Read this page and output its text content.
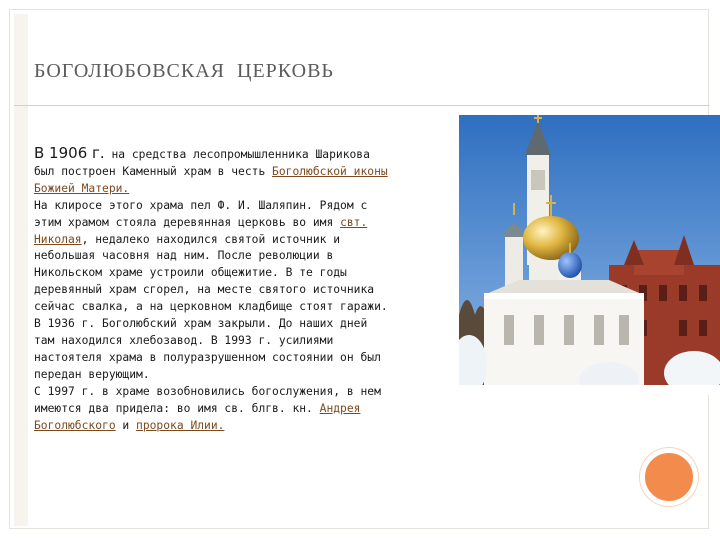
БОГОЛЮБОВСКАЯ  ЦЕРКОВЬ

В 1906 г. на средства лесопромышленника Шарикова был построен Каменный храм в честь Боголюбской иконы Божией Матери.

На клиросе этого храма пел Ф. И. Шаляпин. Рядом с этим храмом стояла деревянная церковь во имя свт. Николая, недалеко находился святой источник и небольшая часовня над ним. После революции в Никольском храме устроили общежитие. В те годы деревянный храм сгорел, на месте святого источника сейчас свалка, а на церковном кладбище стоят гаражи.

В 1936 г. Боголюбский храм закрыли. До наших дней там находился хлебозавод. В 1993 г. усилиями настоятеля храма в полуразрушенном состоянии он был передан верующим.

С 1997 г. в храме возобновились богослужения, в нем имеются два придела: во имя св. блгв. кн. Андрея Боголюбского и пророка Илии.
